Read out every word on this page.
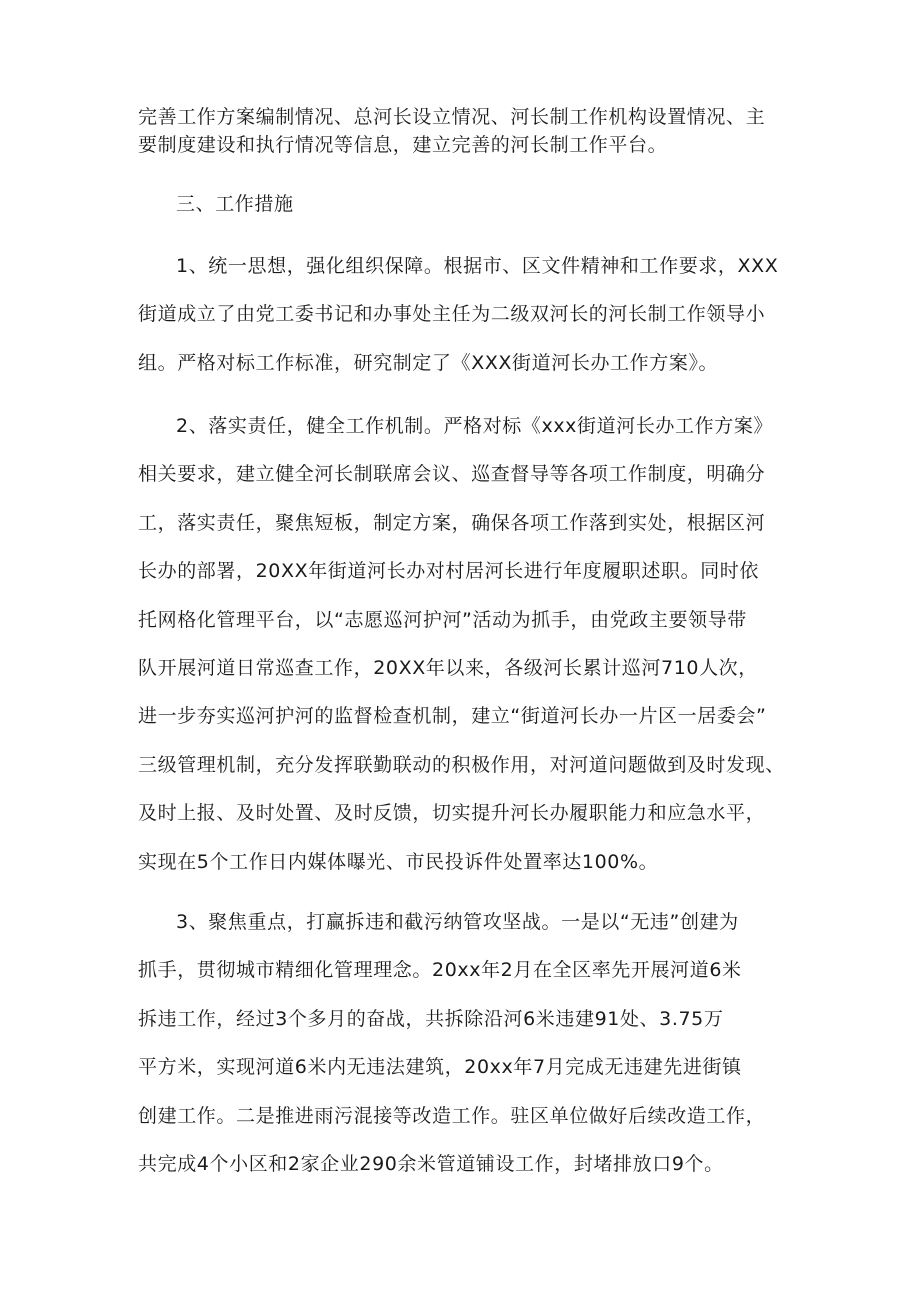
完善工作方案编制情况、总河长设立情况、河长制工作机构设置情况、主
要制度建设和执行情况等信息，建立完善的河长制工作平台。
三、工作措施
1、统一思想，强化组织保障。根据市、区文件精神和工作要求，XXX
街道成立了由党工委书记和办事处主任为二级双河长的河长制工作领导小
组。严格对标工作标准，研究制定了《XXX街道河长办工作方案》。
2、落实责任，健全工作机制。严格对标《xxx街道河长办工作方案》
相关要求，建立健全河长制联席会议、巡查督导等各项工作制度，明确分
工，落实责任，聚焦短板，制定方案，确保各项工作落到实处，根据区河
长办的部署，20XX年街道河长办对村居河长进行年度履职述职。同时依
托网格化管理平台，以“志愿巡河护河”活动为抓手，由党政主要领导带
队开展河道日常巡查工作，20XX年以来，各级河长累计巡河710人次，
进一步夯实巡河护河的监督检查机制，建立“街道河长办一片区一居委会”
三级管理机制，充分发挥联勤联动的积极作用，对河道问题做到及时发现、
及时上报、及时处置、及时反馈，切实提升河长办履职能力和应急水平，
实现在5个工作日内媒体曝光、市民投诉件处置率达100%。
3、聚焦重点，打赢拆违和截污纳管攻坚战。一是以“无违”创建为
抓手，贯彻城市精细化管理理念。20xx年2月在全区率先开展河道6米
拆违工作，经过3个多月的奋战，共拆除沿河6米违建91处、3.75万
平方米，实现河道6米内无违法建筑，20xx年7月完成无违建先进街镇
创建工作。二是推进雨污混接等改造工作。驻区单位做好后续改造工作，
共完成4个小区和2家企业290余米管道铺设工作，封堵排放口9个。
